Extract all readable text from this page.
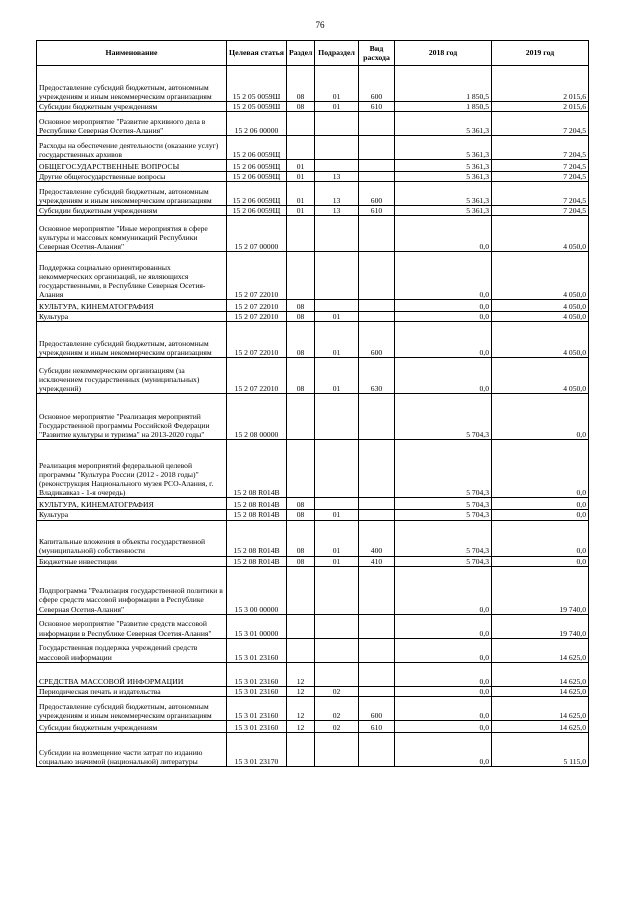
76
Наименование	Целевая статья	Раздел	Подраздел	Вид расхода	2018 год	2019 год
Предоставление субсидий бюджетным, автономным учреждениям и иным некоммерческим организациям	15 2 05 0059Ш	08	01	600	1 850,5	2 015,6
Субсидии бюджетным учреждениям	15 2 05 0059Ш	08	01	610	1 850,5	2 015,6
Основное мероприятие "Развитие архивного дела в Республике Северная Осетия-Алания"	15 2 06 00000				5 361,3	7 204,5
Расходы на обеспечение деятельности (оказание услуг) государственных архивов	15 2 06 0059Щ				5 361,3	7 204,5
ОБЩЕГОСУДАРСТВЕННЫЕ ВОПРОСЫ	15 2 06 0059Щ	01			5 361,3	7 204,5
Другие общегосударственные вопросы	15 2 06 0059Щ	01	13		5 361,3	7 204,5
Предоставление субсидий бюджетным, автономным учреждениям и иным некоммерческим организациям	15 2 06 0059Щ	01	13	600	5 361,3	7 204,5
Субсидии бюджетным учреждениям	15 2 06 0059Щ	01	13	610	5 361,3	7 204,5
Основное мероприятие "Иные мероприятия в сфере культуры и массовых коммуникаций Республики Северная Осетия-Алания"	15 2 07 00000				0,0	4 050,0
Поддержка социально ориентированных некоммерческих организаций, не являющихся государственными, в Республике Северная Осетия-Алания	15 2 07 22010				0,0	4 050,0
КУЛЬТУРА, КИНЕМАТОГРАФИЯ	15 2 07 22010	08			0,0	4 050,0
Культура	15 2 07 22010	08	01		0,0	4 050,0
Предоставление субсидий бюджетным, автономным учреждениям и иным некоммерческим организациям	15 2 07 22010	08	01	600	0,0	4 050,0
Субсидии некоммерческим организациям (за исключением государственных (муниципальных) учреждений)	15 2 07 22010	08	01	630	0,0	4 050,0
Основное мероприятие "Реализация мероприятий Государственной программы Российской Федерации "Развитие культуры и туризма" на 2013-2020 годы"	15 2 08 00000				5 704,3	0,0
Реализация мероприятий федеральной целевой программы "Культура России (2012 - 2018 годы)" (реконструкция Национального музея РСО-Алания, г. Владикавказ - 1-я очередь)	15 2 08 R014В				5 704,3	0,0
КУЛЬТУРА, КИНЕМАТОГРАФИЯ	15 2 08 R014В	08			5 704,3	0,0
Культура	15 2 08 R014В	08	01		5 704,3	0,0
Капитальные вложения в объекты государственной (муниципальной) собственности	15 2 08 R014В	08	01	400	5 704,3	0,0
Бюджетные инвестиции	15 2 08 R014В	08	01	410	5 704,3	0,0
Подпрограмма "Реализация государственной политики в сфере средств массовой информации в Республике Северная Осетия-Алания"	15 3 00 00000				0,0	19 740,0
Основное мероприятие "Развитие средств массовой информации в Республике Северная Осетия-Алания"	15 3 01 00000				0,0	19 740,0
Государственная поддержка учреждений средств массовой информации	15 3 01 23160				0,0	14 625,0
СРЕДСТВА МАССОВОЙ ИНФОРМАЦИИ	15 3 01 23160	12			0,0	14 625,0
Периодическая печать и издательства	15 3 01 23160	12	02		0,0	14 625,0
Предоставление субсидий бюджетным, автономным учреждениям и иным некоммерческим организациям	15 3 01 23160	12	02	600	0,0	14 625,0
Субсидии бюджетным учреждениям	15 3 01 23160	12	02	610	0,0	14 625,0
Субсидии на возмещение части затрат по изданию социально значимой (национальной) литературы	15 3 01 23170				0,0	5 115,0
